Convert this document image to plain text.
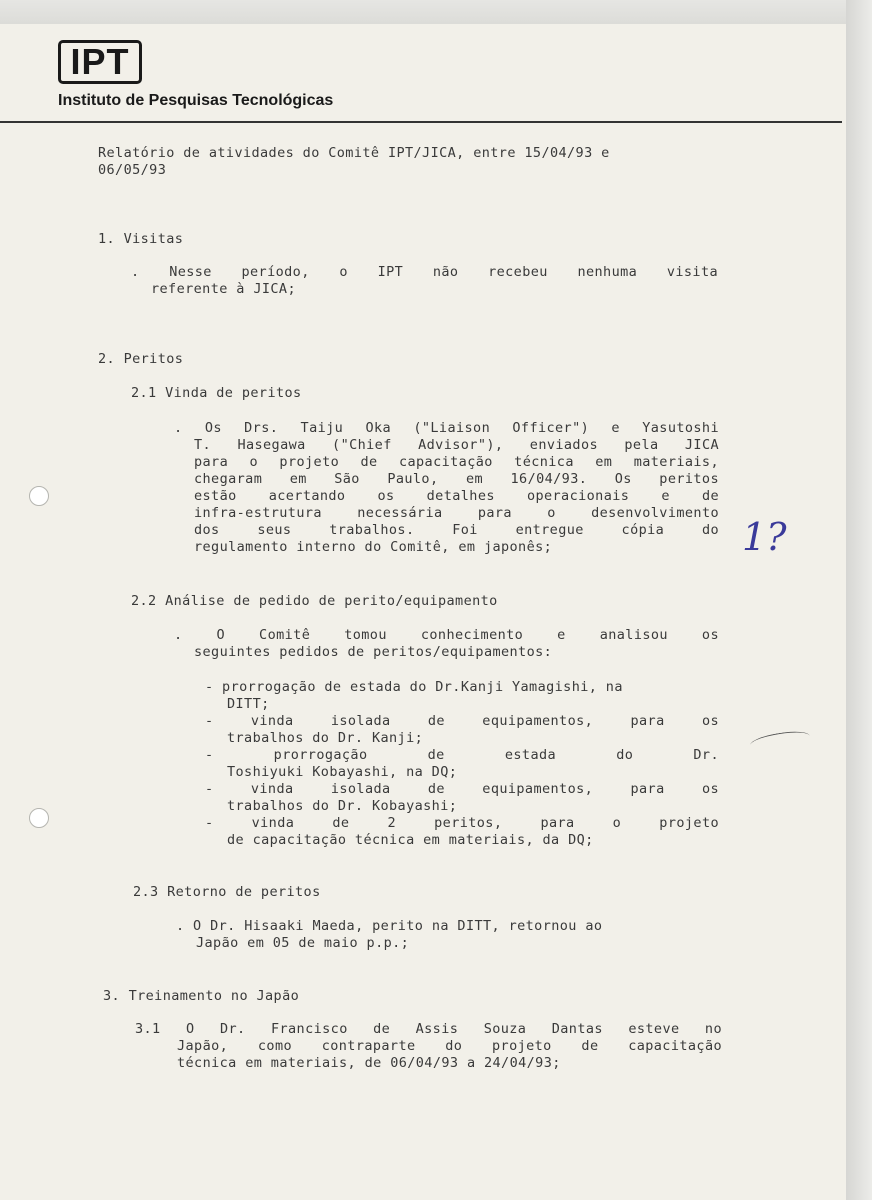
IPT
Instituto de Pesquisas Tecnológicas
Relatório de atividades do Comitê IPT/JICA, entre 15/04/93 e
06/05/93
1. Visitas
. Nesse período, o IPT não recebeu nenhuma visita
referente à JICA;
2. Peritos
2.1 Vinda de peritos
. Os Drs. Taiju Oka ("Liaison Officer") e Yasutoshi
T. Hasegawa ("Chief Advisor"), enviados pela JICA
para o projeto de capacitação técnica em materiais,
chegaram em São Paulo, em 16/04/93. Os peritos
estão acertando os detalhes operacionais e de
infra-estrutura necessária para o desenvolvimento
dos seus trabalhos. Foi entregue cópia do
regulamento interno do Comitê, em japonês;	1?
2.2 Análise de pedido de perito/equipamento
. O Comitê tomou conhecimento e analisou os
seguintes pedidos de peritos/equipamentos:
- prorrogação de estada do Dr.Kanji Yamagishi, na
DITT;
- vinda isolada de equipamentos, para os
trabalhos do Dr. Kanji;
- prorrogação de estada do Dr.
Toshiyuki Kobayashi, na DQ;
- vinda isolada de equipamentos, para os
trabalhos do Dr. Kobayashi;
- vinda de 2 peritos, para o projeto
de capacitação técnica em materiais, da DQ;
2.3 Retorno de peritos
. O Dr. Hisaaki Maeda, perito na DITT, retornou ao
Japão em 05 de maio p.p.;
3. Treinamento no Japão
3.1 O Dr. Francisco de Assis Souza Dantas esteve no
Japão, como contraparte do projeto de capacitação
técnica em materiais, de 06/04/93 a 24/04/93;
